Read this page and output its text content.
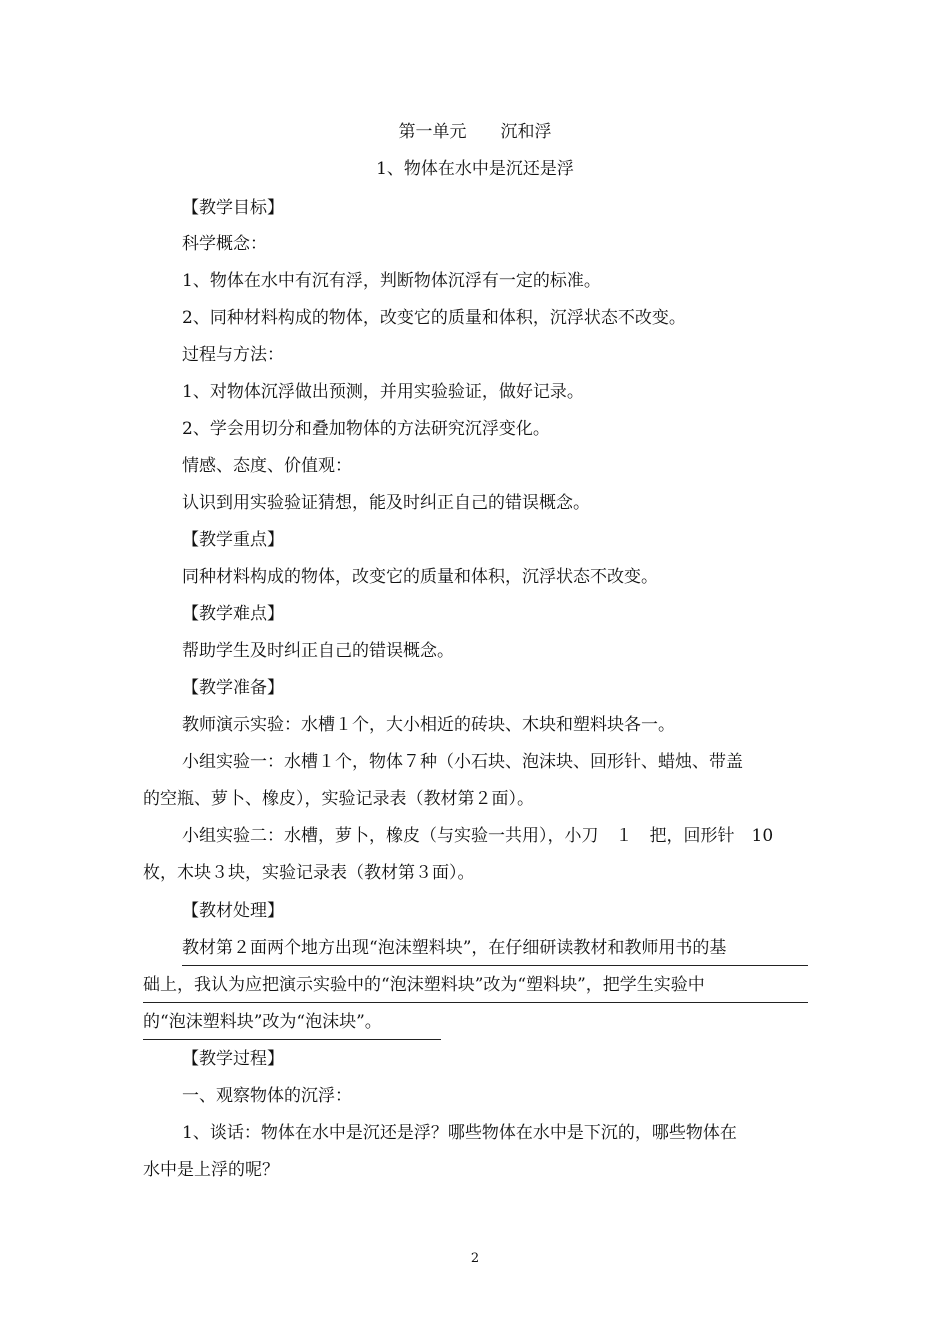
第一单元　　沉和浮
1、物体在水中是沉还是浮
【教学目标】
科学概念：
1、物体在水中有沉有浮，判断物体沉浮有一定的标准。
2、同种材料构成的物体，改变它的质量和体积，沉浮状态不改变。
过程与方法：
1、对物体沉浮做出预测，并用实验验证，做好记录。
2、学会用切分和叠加物体的方法研究沉浮变化。
情感、态度、价值观：
认识到用实验验证猜想，能及时纠正自己的错误概念。
【教学重点】
同种材料构成的物体，改变它的质量和体积，沉浮状态不改变。
【教学难点】
帮助学生及时纠正自己的错误概念。
【教学准备】
教师演示实验：水槽１个，大小相近的砖块、木块和塑料块各一。
小组实验一：水槽１个，物体７种（小石块、泡沫块、回形针、蜡烛、带盖
的空瓶、萝卜、橡皮），实验记录表（教材第２面）。
小组实验二：水槽，萝卜，橡皮（与实验一共用），小刀　１　把，回形针　10
枚，木块３块，实验记录表（教材第３面）。
【教材处理】
教材第２面两个地方出现“泡沫塑料块”，在仔细研读教材和教师用书的基
础上，我认为应把演示实验中的“泡沫塑料块”改为“塑料块”，把学生实验中
的“泡沫塑料块”改为“泡沫块”。
【教学过程】
一、观察物体的沉浮：
1、谈话：物体在水中是沉还是浮？哪些物体在水中是下沉的，哪些物体在
水中是上浮的呢？
2
